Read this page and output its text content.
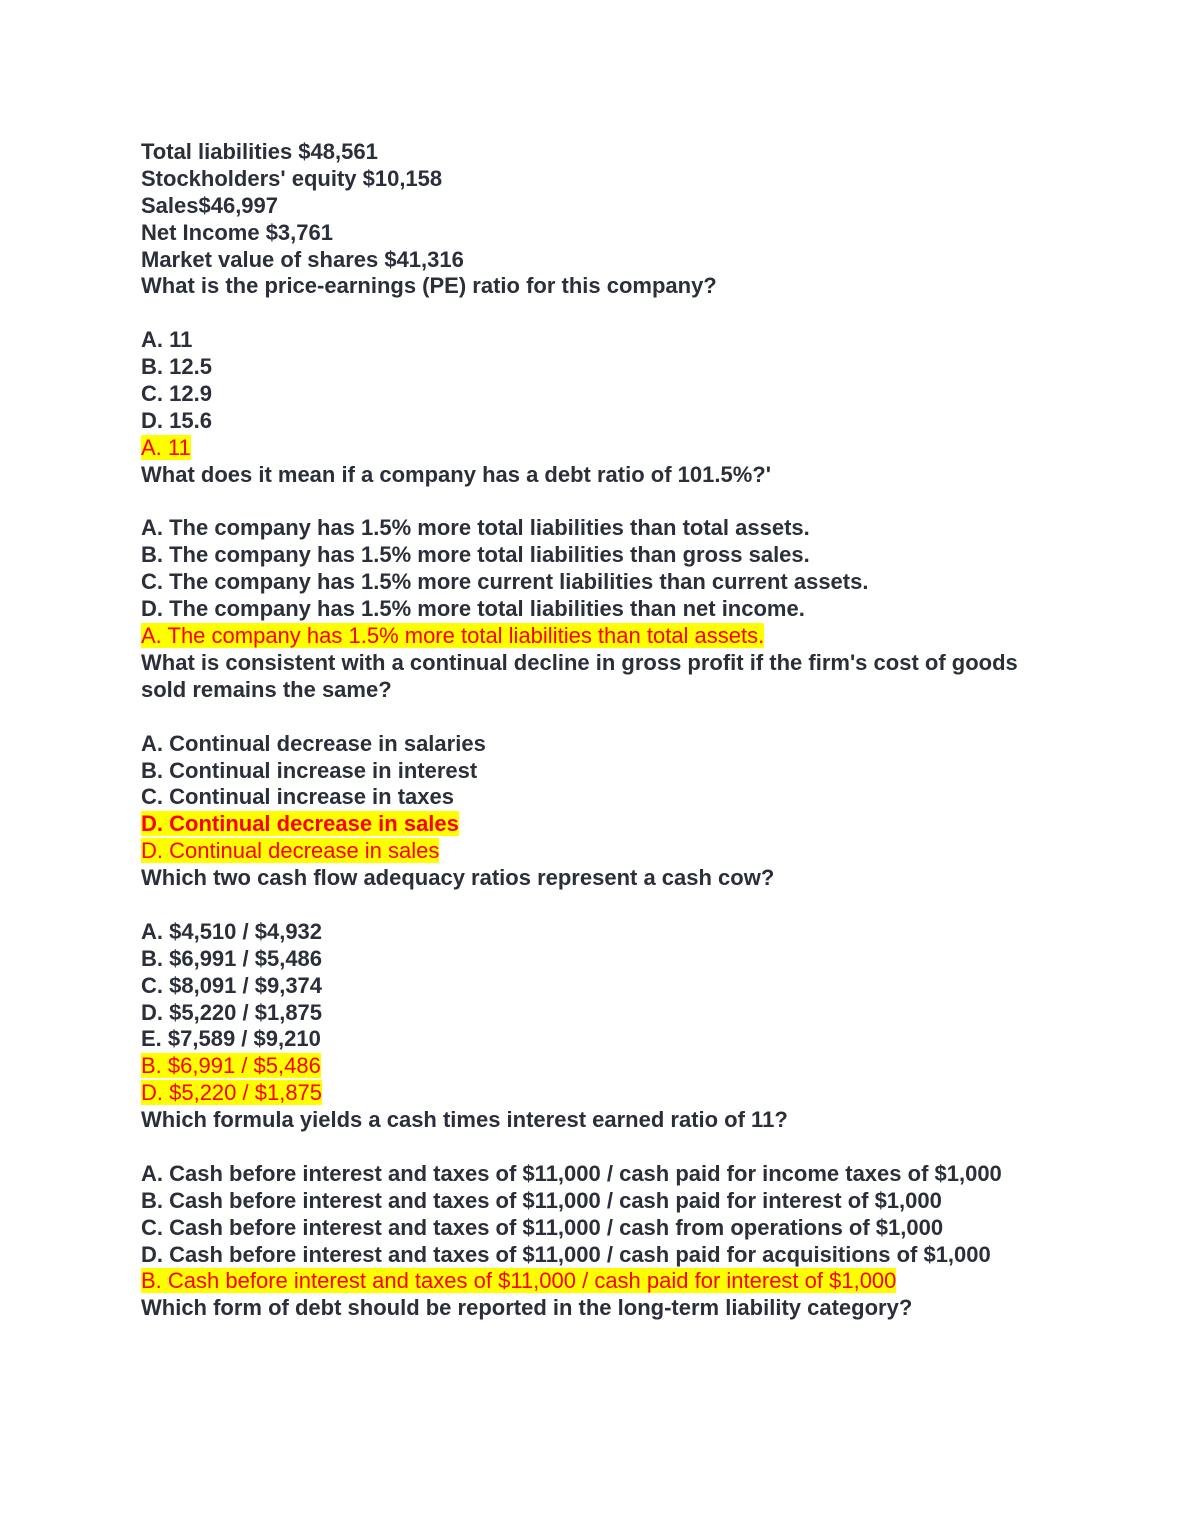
Total liabilities $48,561
Stockholders' equity $10,158
Sales$46,997
Net Income $3,761
Market value of shares $41,316
What is the price-earnings (PE) ratio for this company?
A. 11
B. 12.5
C. 12.9
D. 15.6
A. 11
What does it mean if a company has a debt ratio of 101.5%?'
A. The company has 1.5% more total liabilities than total assets.
B. The company has 1.5% more total liabilities than gross sales.
C. The company has 1.5% more current liabilities than current assets.
D. The company has 1.5% more total liabilities than net income.
A. The company has 1.5% more total liabilities than total assets.
What is consistent with a continual decline in gross profit if the firm's cost of goods sold remains the same?
A. Continual decrease in salaries
B. Continual increase in interest
C. Continual increase in taxes
D. Continual decrease in sales
D. Continual decrease in sales
Which two cash flow adequacy ratios represent a cash cow?
A. $4,510 / $4,932
B. $6,991 / $5,486
C. $8,091 / $9,374
D. $5,220 / $1,875
E. $7,589 / $9,210
B. $6,991 / $5,486
D. $5,220 / $1,875
Which formula yields a cash times interest earned ratio of 11?
A. Cash before interest and taxes of $11,000 / cash paid for income taxes of $1,000
B. Cash before interest and taxes of $11,000 / cash paid for interest of $1,000
C. Cash before interest and taxes of $11,000 / cash from operations of $1,000
D. Cash before interest and taxes of $11,000 / cash paid for acquisitions of $1,000
B. Cash before interest and taxes of $11,000 / cash paid for interest of $1,000
Which form of debt should be reported in the long-term liability category?
